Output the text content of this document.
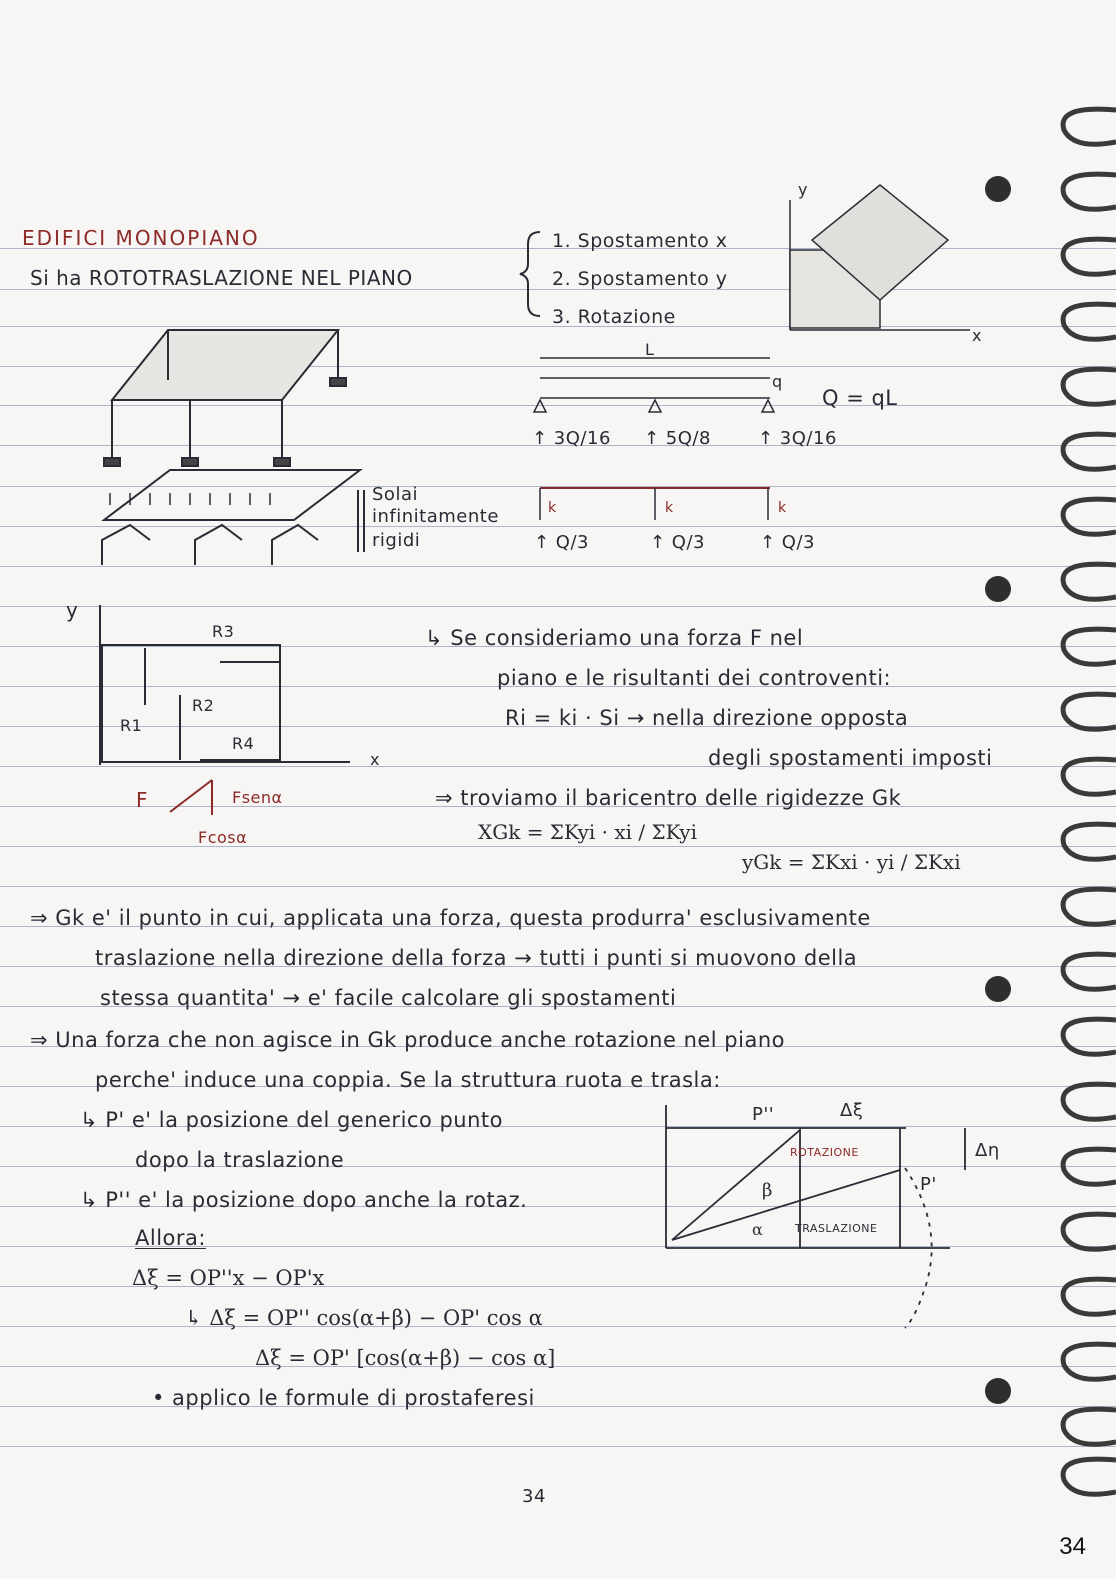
EDIFICI MONOPIANO
Si ha ROTOTRASLAZIONE NEL PIANO
1. Spostamento x
2. Spostamento y
3. Rotazione
L
q
Q = qL
↑ 3Q/16 ↑ 5Q/8	↑ 3Q/16
k	k	k
↑ Q/3	↑ Q/3	↑ Q/3
Solai
infinitamente
rigidi
y
x
y
x
R3
R2
R1
R4
F	Fsenα
Fcosα
↳ Se consideriamo una forza F nel
piano e le risultanti dei controventi:
Ri = ki · Si → nella direzione opposta
degli spostamenti imposti
⇒ troviamo il baricentro delle rigidezze Gk
XGk = ΣKyi · xi / ΣKyi
yGk = ΣKxi · yi / ΣKxi
⇒ Gk e' il punto in cui, applicata una forza, questa produrra' esclusivamente
traslazione nella direzione della forza → tutti i punti si muovono della
stessa quantita' → e' facile calcolare gli spostamenti
⇒ Una forza che non agisce in Gk produce anche rotazione nel piano
perche' induce una coppia. Se la struttura ruota e trasla:
↳ P' e' la posizione del generico punto
dopo la traslazione
↳ P'' e' la posizione dopo anche la rotaz.
Allora:
Δξ = OP''x − OP'x
↳ Δξ = OP'' cos(α+β) − OP' cos α
Δξ = OP' [cos(α+β) − cos α]
• applico le formule di prostaferesi
P''	Δξ
Δη
P'
ROTAZIONE
TRASLAZIONE
β
α
34
34
